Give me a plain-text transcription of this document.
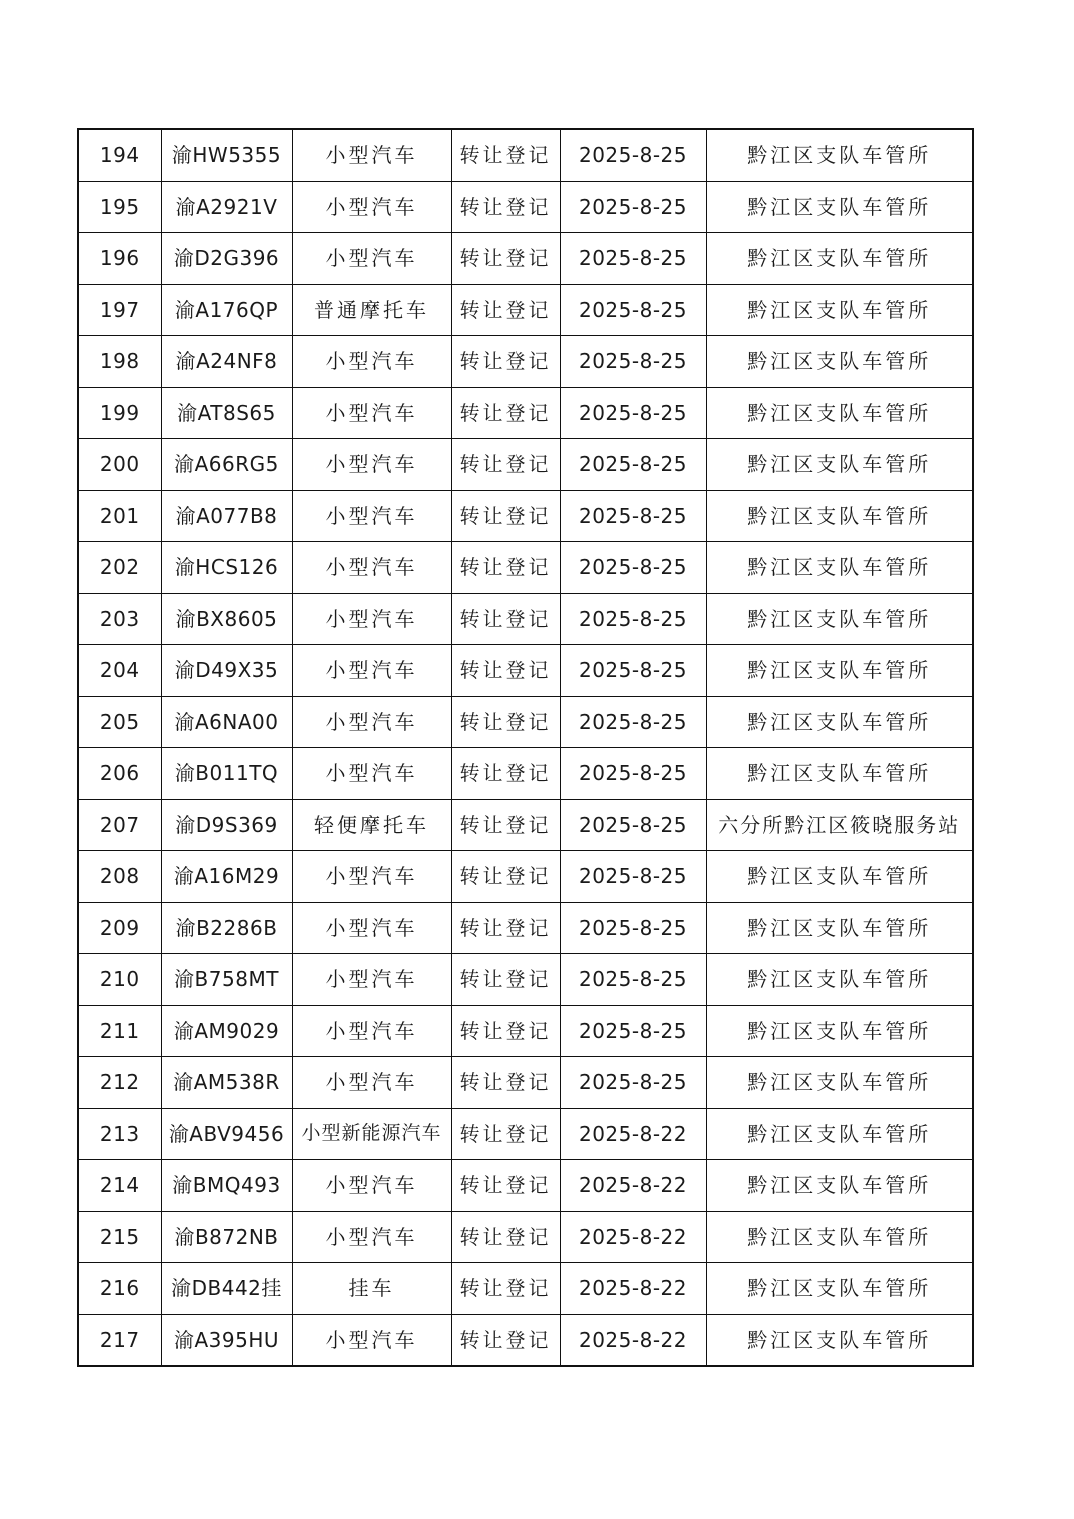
194	渝HW5355	小型汽车	转让登记	2025-8-25	黔江区支队车管所
195	渝A2921V	小型汽车	转让登记	2025-8-25	黔江区支队车管所
196	渝D2G396	小型汽车	转让登记	2025-8-25	黔江区支队车管所
197	渝A176QP	普通摩托车	转让登记	2025-8-25	黔江区支队车管所
198	渝A24NF8	小型汽车	转让登记	2025-8-25	黔江区支队车管所
199	渝AT8S65	小型汽车	转让登记	2025-8-25	黔江区支队车管所
200	渝A66RG5	小型汽车	转让登记	2025-8-25	黔江区支队车管所
201	渝A077B8	小型汽车	转让登记	2025-8-25	黔江区支队车管所
202	渝HCS126	小型汽车	转让登记	2025-8-25	黔江区支队车管所
203	渝BX8605	小型汽车	转让登记	2025-8-25	黔江区支队车管所
204	渝D49X35	小型汽车	转让登记	2025-8-25	黔江区支队车管所
205	渝A6NA00	小型汽车	转让登记	2025-8-25	黔江区支队车管所
206	渝B011TQ	小型汽车	转让登记	2025-8-25	黔江区支队车管所
207	渝D9S369	轻便摩托车	转让登记	2025-8-25	六分所黔江区筱晓服务站
208	渝A16M29	小型汽车	转让登记	2025-8-25	黔江区支队车管所
209	渝B2286B	小型汽车	转让登记	2025-8-25	黔江区支队车管所
210	渝B758MT	小型汽车	转让登记	2025-8-25	黔江区支队车管所
211	渝AM9029	小型汽车	转让登记	2025-8-25	黔江区支队车管所
212	渝AM538R	小型汽车	转让登记	2025-8-25	黔江区支队车管所
213	渝ABV9456	小型新能源汽车	转让登记	2025-8-22	黔江区支队车管所
214	渝BMQ493	小型汽车	转让登记	2025-8-22	黔江区支队车管所
215	渝B872NB	小型汽车	转让登记	2025-8-22	黔江区支队车管所
216	渝DB442挂	挂车	转让登记	2025-8-22	黔江区支队车管所
217	渝A395HU	小型汽车	转让登记	2025-8-22	黔江区支队车管所
